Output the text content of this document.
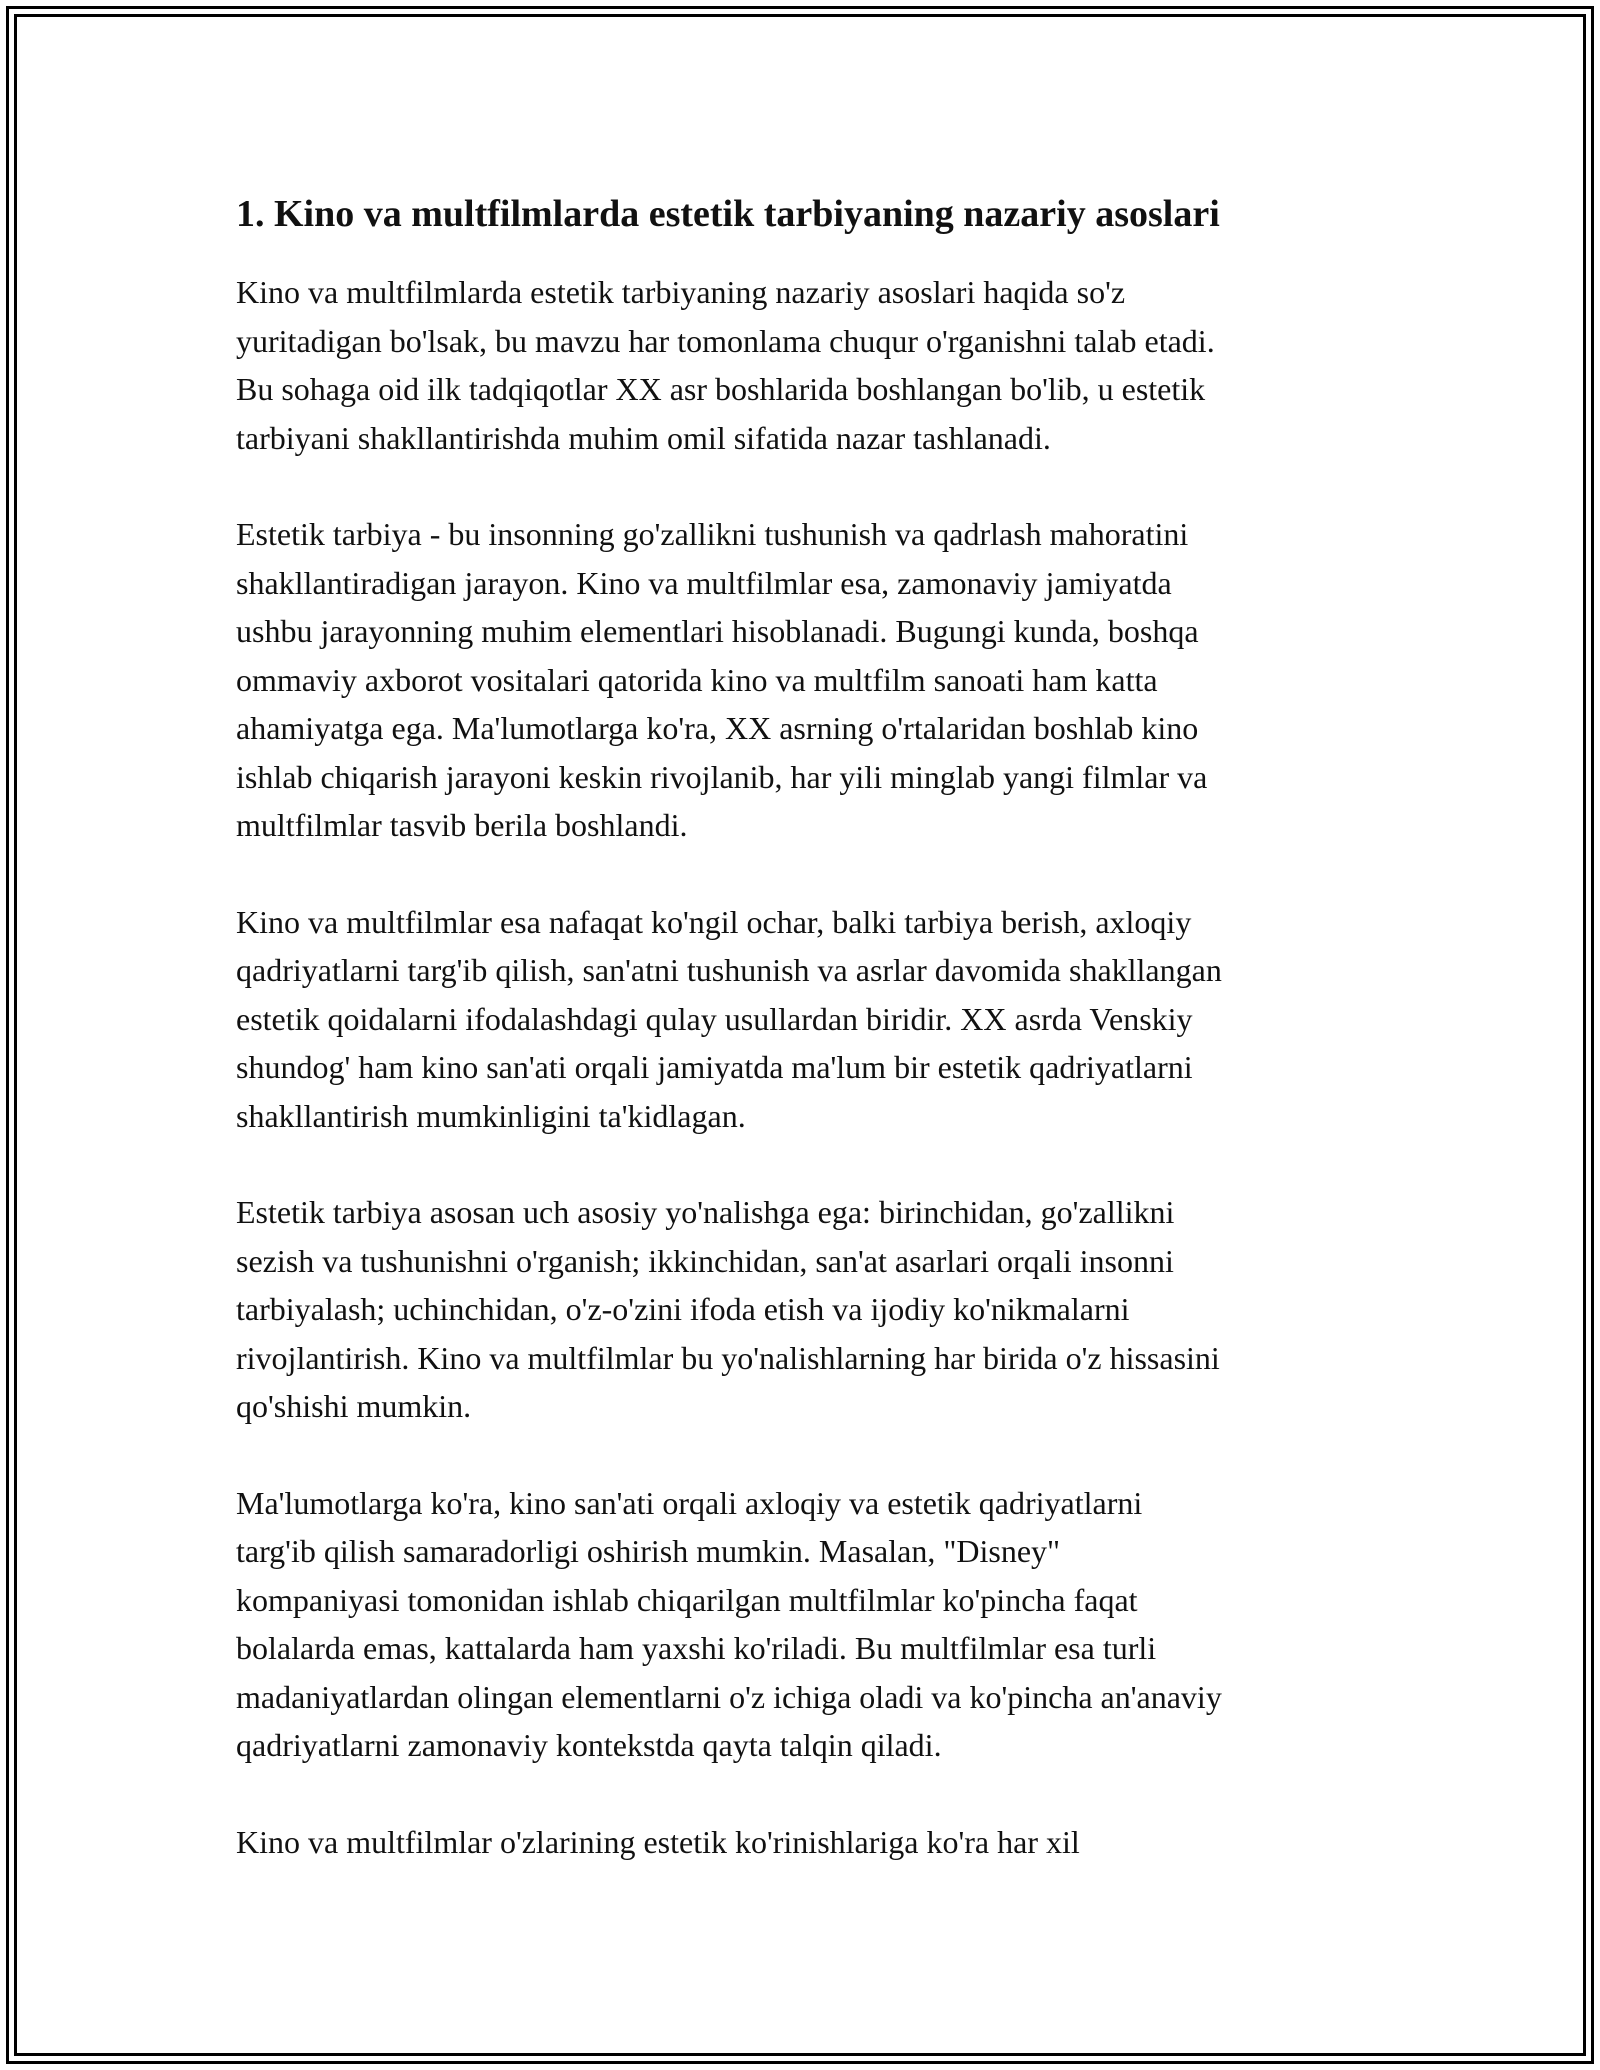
1. Kino va multfilmlarda estetik tarbiyaning nazariy asoslari

Kino va multfilmlarda estetik tarbiyaning nazariy asoslari haqida so'z
yuritadigan bo'lsak, bu mavzu har tomonlama chuqur o'rganishni talab etadi.
Bu sohaga oid ilk tadqiqotlar XX asr boshlarida boshlangan bo'lib, u estetik
tarbiyani shakllantirishda muhim omil sifatida nazar tashlanadi.

Estetik tarbiya - bu insonning go'zallikni tushunish va qadrlash mahoratini
shakllantiradigan jarayon. Kino va multfilmlar esa, zamonaviy jamiyatda
ushbu jarayonning muhim elementlari hisoblanadi. Bugungi kunda, boshqa
ommaviy axborot vositalari qatorida kino va multfilm sanoati ham katta
ahamiyatga ega. Ma'lumotlarga ko'ra, XX asrning o'rtalaridan boshlab kino
ishlab chiqarish jarayoni keskin rivojlanib, har yili minglab yangi filmlar va
multfilmlar tasvib berila boshlandi.

Kino va multfilmlar esa nafaqat ko'ngil ochar, balki tarbiya berish, axloqiy
qadriyatlarni targ'ib qilish, san'atni tushunish va asrlar davomida shakllangan
estetik qoidalarni ifodalashdagi qulay usullardan biridir. XX asrda Venskiy
shundog' ham kino san'ati orqali jamiyatda ma'lum bir estetik qadriyatlarni
shakllantirish mumkinligini ta'kidlagan.

Estetik tarbiya asosan uch asosiy yo'nalishga ega: birinchidan, go'zallikni
sezish va tushunishni o'rganish; ikkinchidan, san'at asarlari orqali insonni
tarbiyalash; uchinchidan, o'z-o'zini ifoda etish va ijodiy ko'nikmalarni
rivojlantirish. Kino va multfilmlar bu yo'nalishlarning har birida o'z hissasini
qo'shishi mumkin.

Ma'lumotlarga ko'ra, kino san'ati orqali axloqiy va estetik qadriyatlarni
targ'ib qilish samaradorligi oshirish mumkin. Masalan, "Disney"
kompaniyasi tomonidan ishlab chiqarilgan multfilmlar ko'pincha faqat
bolalarda emas, kattalarda ham yaxshi ko'riladi. Bu multfilmlar esa turli
madaniyatlardan olingan elementlarni o'z ichiga oladi va ko'pincha an'anaviy
qadriyatlarni zamonaviy kontekstda qayta talqin qiladi.

Kino va multfilmlar o'zlarining estetik ko'rinishlariga ko'ra har xil
